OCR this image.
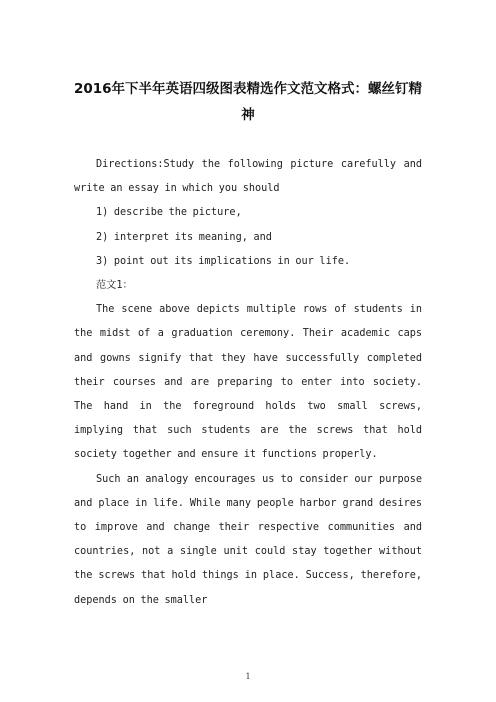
2016年下半年英语四级图表精选作文范文格式：螺丝钉精
神

Directions:Study the following picture carefully and write an essay in which you should

1) describe the picture,

2) interpret its meaning, and

3) point out its implications in our life.

范文1：

The scene above depicts multiple rows of students in the midst of a graduation ceremony. Their academic caps and gowns signify that they have successfully completed their courses and are preparing to enter into society. The hand in the foreground holds two small screws, implying that such students are the screws that hold society together and ensure it functions properly.

Such an analogy encourages us to consider our purpose and place in life. While many people harbor grand desires to improve and change their respective communities and countries, not a single unit could stay together without the screws that hold things in place. Success, therefore, depends on the smaller

1
